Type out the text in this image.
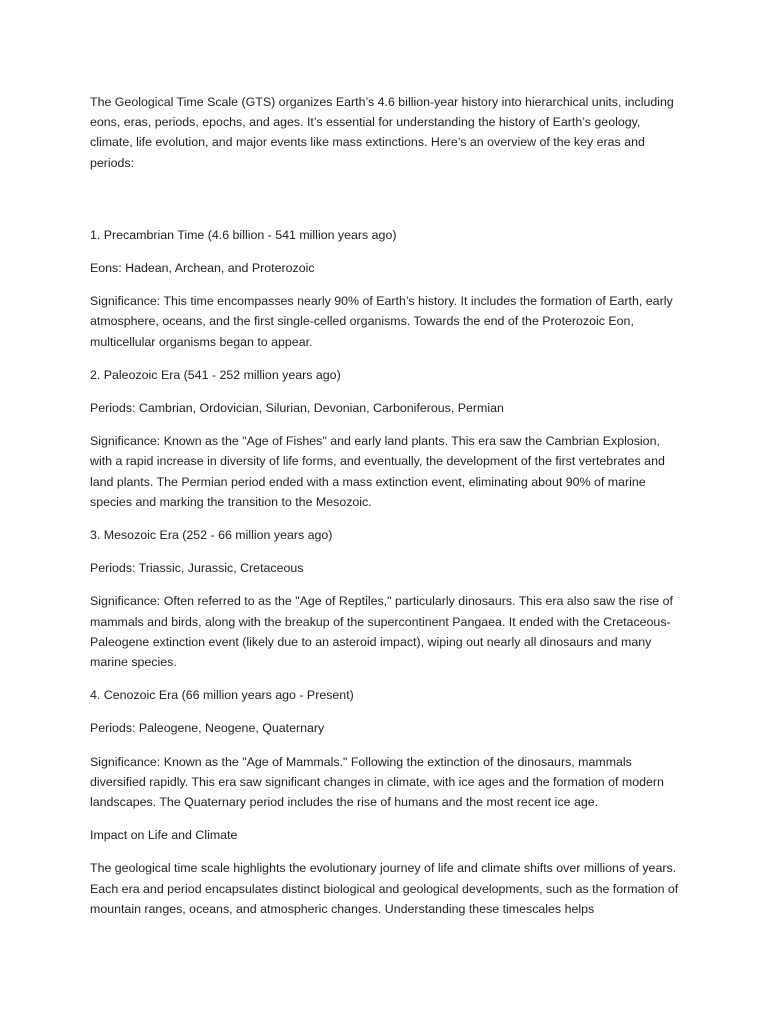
The Geological Time Scale (GTS) organizes Earth’s 4.6 billion-year history into hierarchical units, including eons, eras, periods, epochs, and ages. It’s essential for understanding the history of Earth’s geology, climate, life evolution, and major events like mass extinctions. Here’s an overview of the key eras and periods:

1. Precambrian Time (4.6 billion - 541 million years ago)

Eons: Hadean, Archean, and Proterozoic

Significance: This time encompasses nearly 90% of Earth’s history. It includes the formation of Earth, early atmosphere, oceans, and the first single-celled organisms. Towards the end of the Proterozoic Eon, multicellular organisms began to appear.

2. Paleozoic Era (541 - 252 million years ago)

Periods: Cambrian, Ordovician, Silurian, Devonian, Carboniferous, Permian

Significance: Known as the "Age of Fishes" and early land plants. This era saw the Cambrian Explosion, with a rapid increase in diversity of life forms, and eventually, the development of the first vertebrates and land plants. The Permian period ended with a mass extinction event, eliminating about 90% of marine species and marking the transition to the Mesozoic.

3. Mesozoic Era (252 - 66 million years ago)

Periods: Triassic, Jurassic, Cretaceous

Significance: Often referred to as the "Age of Reptiles," particularly dinosaurs. This era also saw the rise of mammals and birds, along with the breakup of the supercontinent Pangaea. It ended with the Cretaceous-Paleogene extinction event (likely due to an asteroid impact), wiping out nearly all dinosaurs and many marine species.

4. Cenozoic Era (66 million years ago - Present)

Periods: Paleogene, Neogene, Quaternary

Significance: Known as the "Age of Mammals." Following the extinction of the dinosaurs, mammals diversified rapidly. This era saw significant changes in climate, with ice ages and the formation of modern landscapes. The Quaternary period includes the rise of humans and the most recent ice age.

Impact on Life and Climate

The geological time scale highlights the evolutionary journey of life and climate shifts over millions of years. Each era and period encapsulates distinct biological and geological developments, such as the formation of mountain ranges, oceans, and atmospheric changes. Understanding these timescales helps
